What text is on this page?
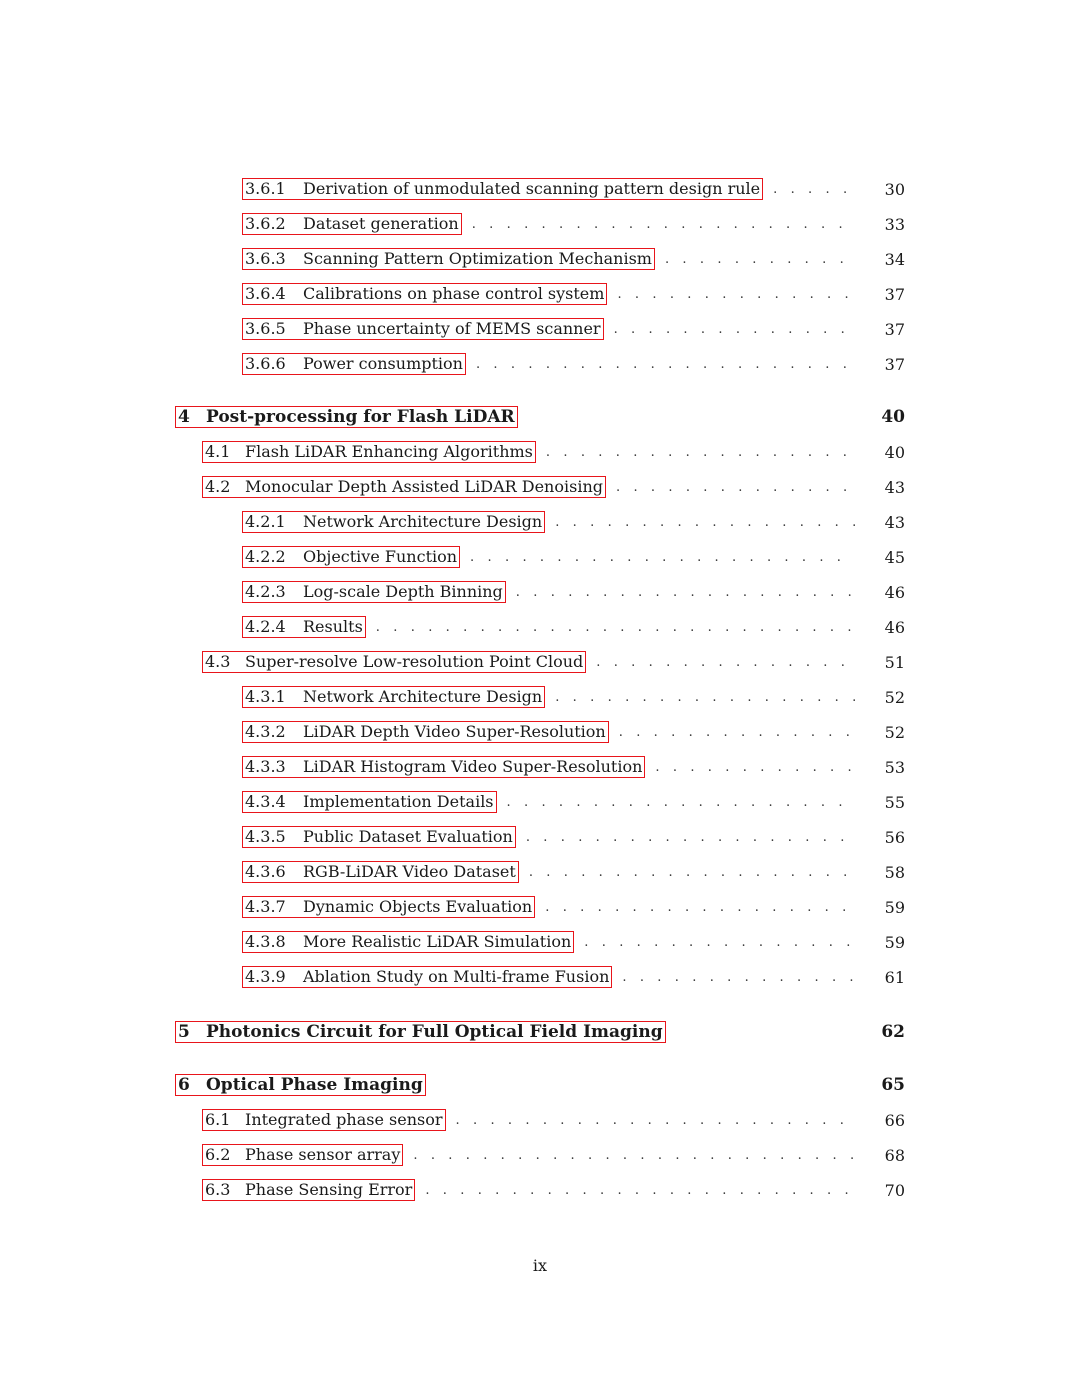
3.6.1	Derivation of unmodulated scanning pattern design rule . . .	30
3.6.2	Dataset generation . . .	33
3.6.3	Scanning Pattern Optimization Mechanism . . .	34
3.6.4	Calibrations on phase control system . . .	37
3.6.5	Phase uncertainty of MEMS scanner . . .	37
3.6.6	Power consumption . . .	37
4 Post-processing for Flash LiDAR	40
4.1 Flash LiDAR Enhancing Algorithms . . .	40
4.2 Monocular Depth Assisted LiDAR Denoising . . .	43
4.2.1	Network Architecture Design . . .	43
4.2.2	Objective Function . . .	45
4.2.3	Log-scale Depth Binning . . .	46
4.2.4	Results . . .	46
4.3 Super-resolve Low-resolution Point Cloud . . .	51
4.3.1	Network Architecture Design . . .	52
4.3.2	LiDAR Depth Video Super-Resolution . . .	52
4.3.3	LiDAR Histogram Video Super-Resolution . . .	53
4.3.4	Implementation Details . . .	55
4.3.5	Public Dataset Evaluation . . .	56
4.3.6	RGB-LiDAR Video Dataset . . .	58
4.3.7	Dynamic Objects Evaluation . . .	59
4.3.8	More Realistic LiDAR Simulation . . .	59
4.3.9	Ablation Study on Multi-frame Fusion . . .	61
5 Photonics Circuit for Full Optical Field Imaging	62
6 Optical Phase Imaging	65
6.1 Integrated phase sensor . . .	66
6.2 Phase sensor array . . .	68
6.3 Phase Sensing Error . . .	70
ix
